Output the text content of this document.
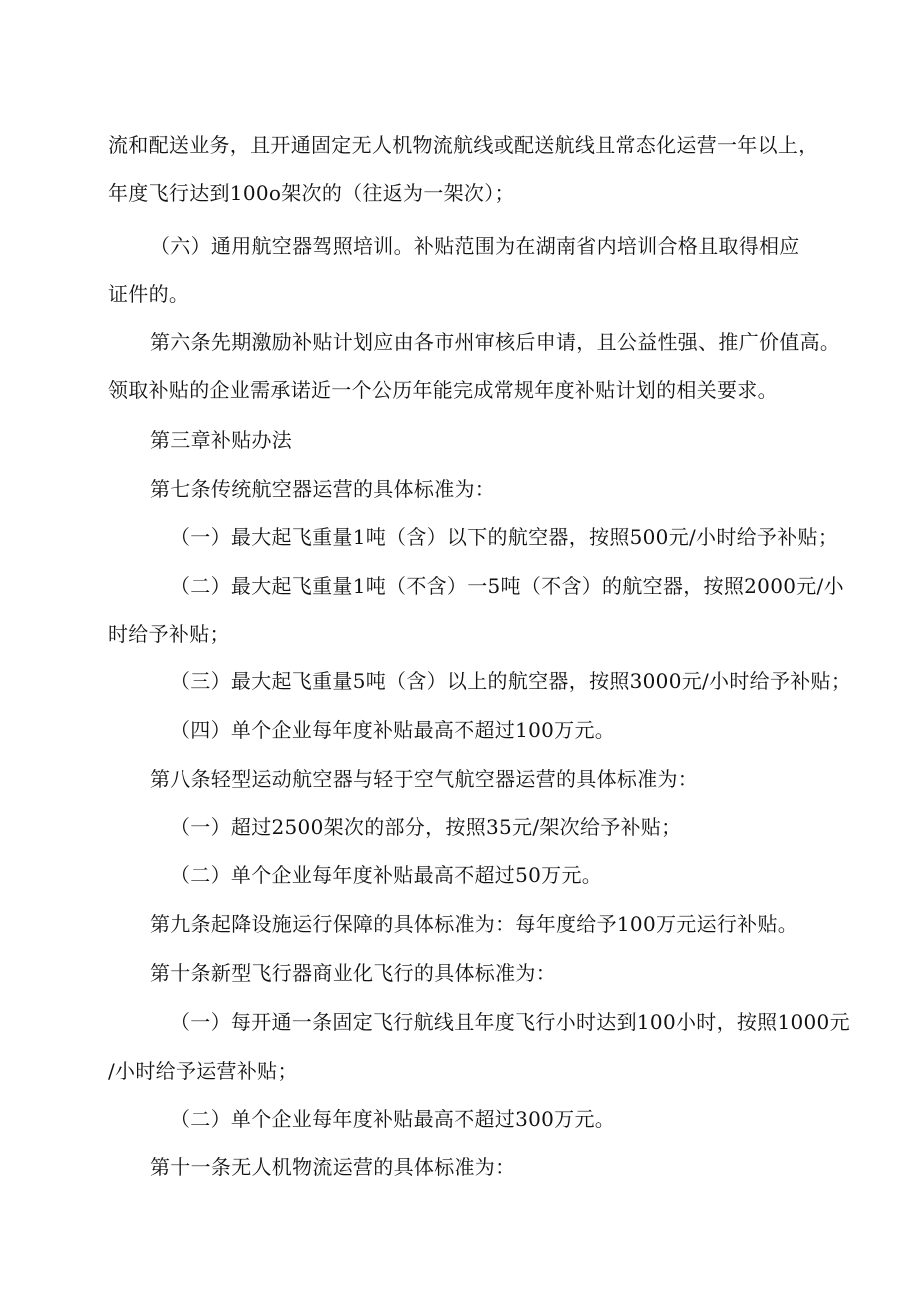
流和配送业务，且开通固定无人机物流航线或配送航线且常态化运营一年以上，
年度飞行达到100o架次的（往返为一架次）；
（六）通用航空器驾照培训。补贴范围为在湖南省内培训合格且取得相应
证件的。
第六条先期激励补贴计划应由各市州审核后申请，且公益性强、推广价值高。
领取补贴的企业需承诺近一个公历年能完成常规年度补贴计划的相关要求。
第三章补贴办法
第七条传统航空器运营的具体标准为：
（一）最大起飞重量1吨（含）以下的航空器，按照500元/小时给予补贴；
（二）最大起飞重量1吨（不含）一5吨（不含）的航空器，按照2000元/小
时给予补贴；
（三）最大起飞重量5吨（含）以上的航空器，按照3000元/小时给予补贴；
（四）单个企业每年度补贴最高不超过100万元。
第八条轻型运动航空器与轻于空气航空器运营的具体标准为：
（一）超过2500架次的部分，按照35元/架次给予补贴；
（二）单个企业每年度补贴最高不超过50万元。
第九条起降设施运行保障的具体标准为：每年度给予100万元运行补贴。
第十条新型飞行器商业化飞行的具体标准为：
（一）每开通一条固定飞行航线且年度飞行小时达到100小时，按照1000元
/小时给予运营补贴；
（二）单个企业每年度补贴最高不超过300万元。
第十一条无人机物流运营的具体标准为：
